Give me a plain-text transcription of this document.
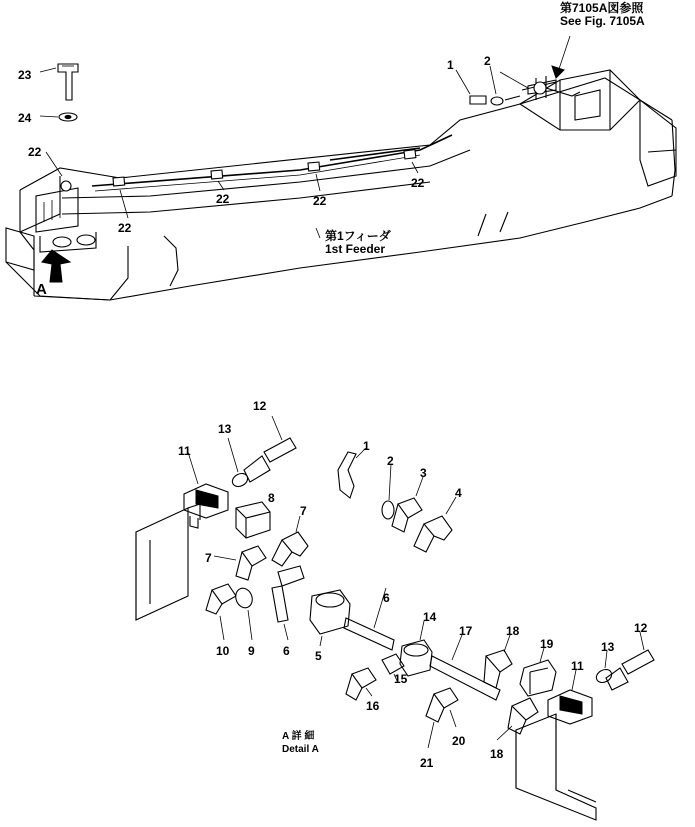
第7105A図参照
See Fig. 7105A
第1フィーダ
1st Feeder
A
A 詳 細
Detail A
23
24
22
22
22	22
22
1	2
12
13
11
8
7
7
10 9 6 5
1
2
3
4
6
14
17	18
19
11
13
12
16
15
21
20
18
